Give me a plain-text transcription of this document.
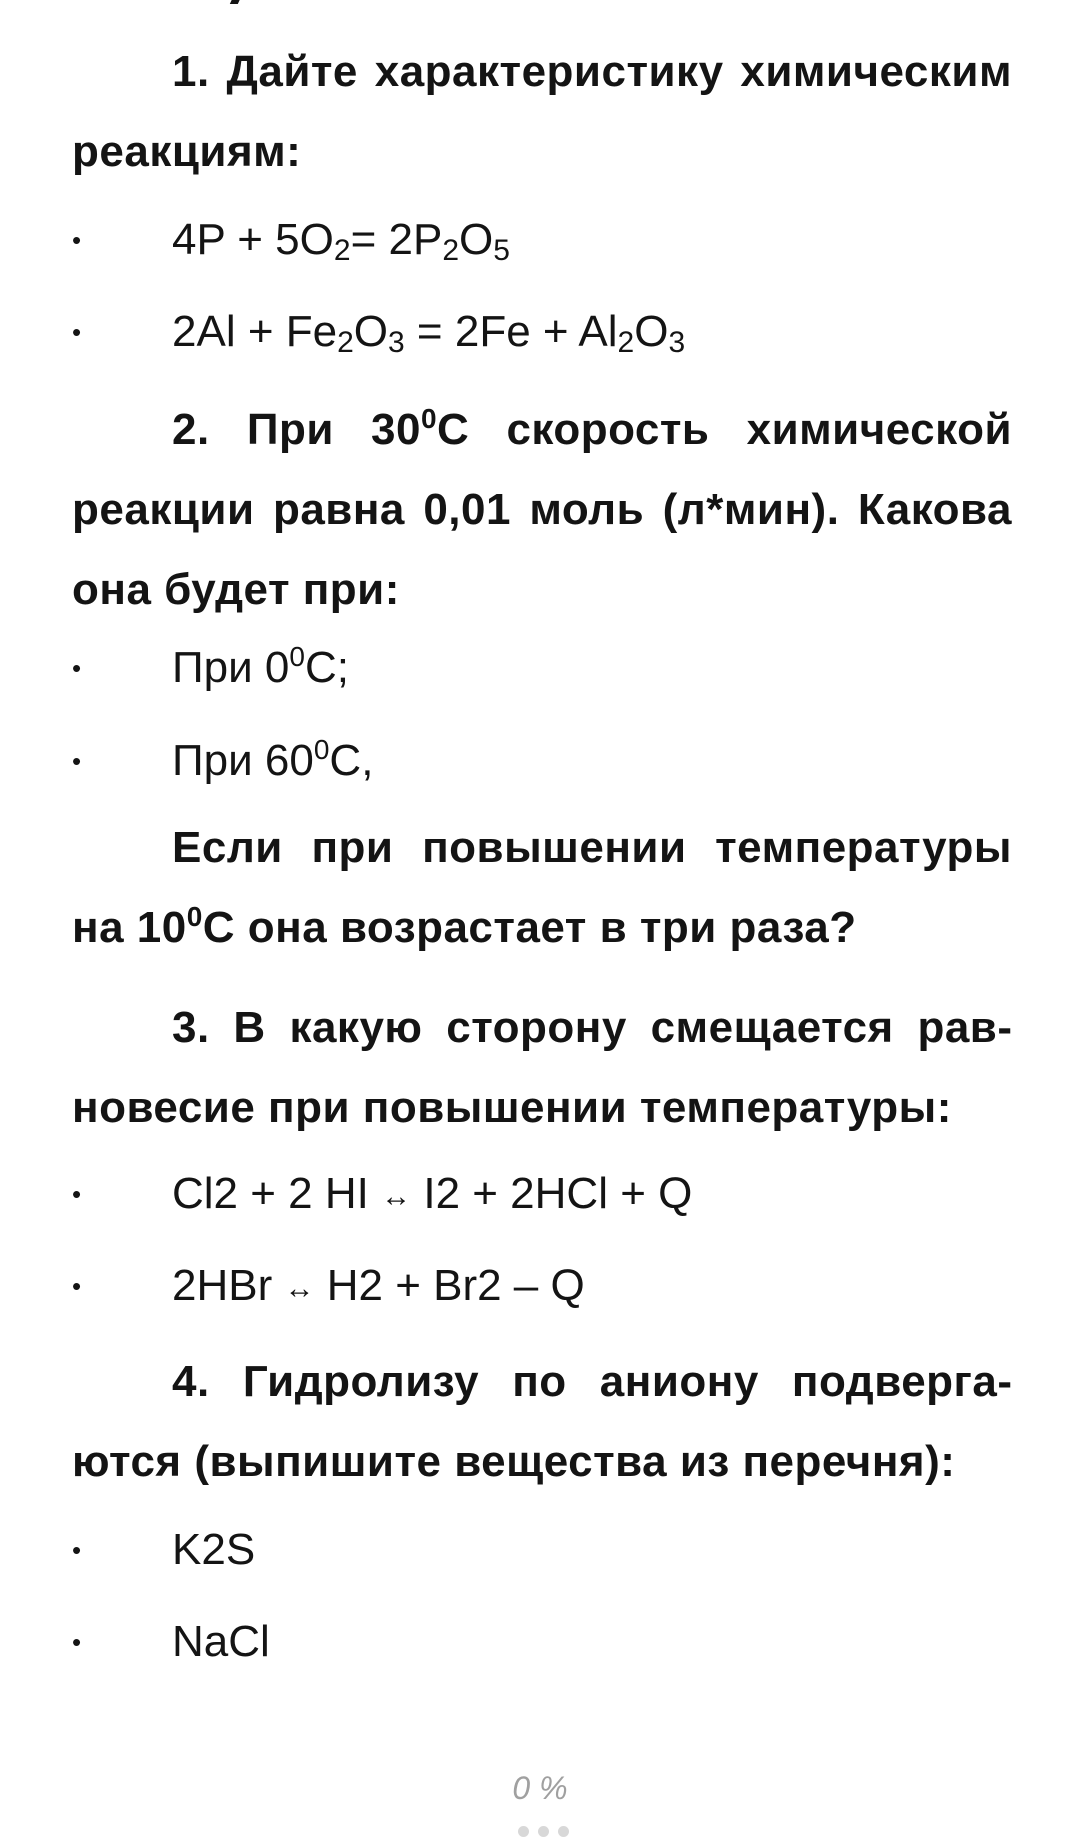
1. Дайте характеристику химическим реакциям:
• $4P + 5O_2= 2P_2O_5$
• $2Al + Fe_2O_3 = 2Fe + Al_2O_3$
2. При $30^0C$ скорость химической реакции равна 0,01 моль (л*мин). Какова она будет при:
• При $0^0C$;
• При $60^0C$,
Если при повышении температуры на $10^0C$ она возрастает в три раза?
3. В какую сторону смещается равновесие при повышении температуры:
• Cl2 + 2 HI ↔ I2 + 2HCl + Q
• 2HBr ↔ H2 + Br2 – Q
4. Гидролизу по аниону подвергаются (выпишите вещества из перечня):
• K2S
• NaCl
0 %
